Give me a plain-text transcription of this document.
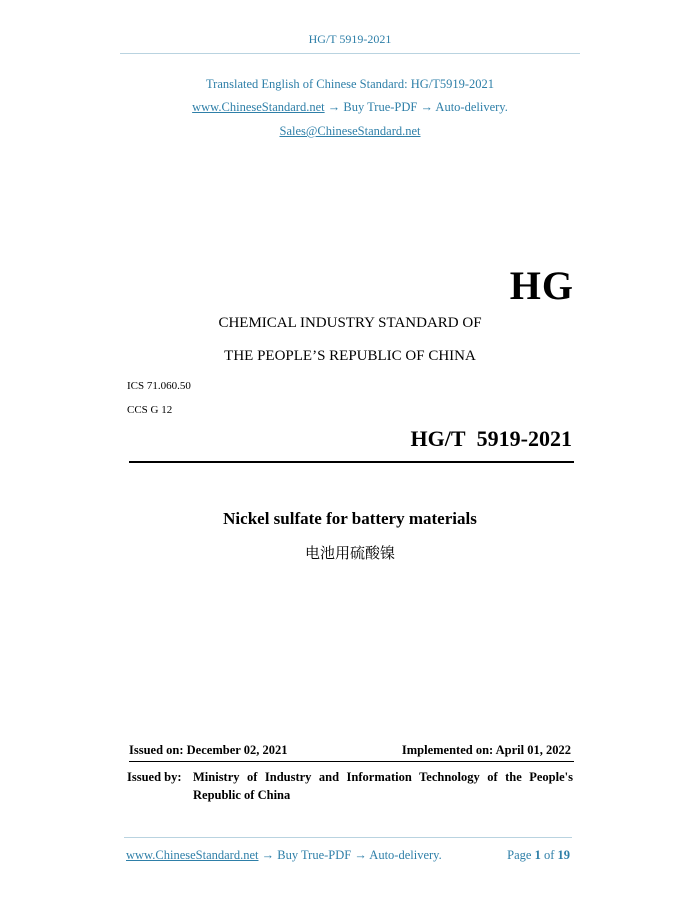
HG/T 5919-2021
Translated English of Chinese Standard: HG/T5919-2021
www.ChineseStandard.net → Buy True-PDF → Auto-delivery.
Sales@ChineseStandard.net
HG
CHEMICAL INDUSTRY STANDARD OF
THE PEOPLE’S REPUBLIC OF CHINA
ICS 71.060.50
CCS G 12
HG/T 5919-2021
Nickel sulfate for battery materials
电池用硫酸镍
Issued on: December 02, 2021	Implemented on: April 01, 2022
Issued by: Ministry of Industry and Information Technology of the People's Republic of China
www.ChineseStandard.net → Buy True-PDF → Auto-delivery.	Page 1 of 19
